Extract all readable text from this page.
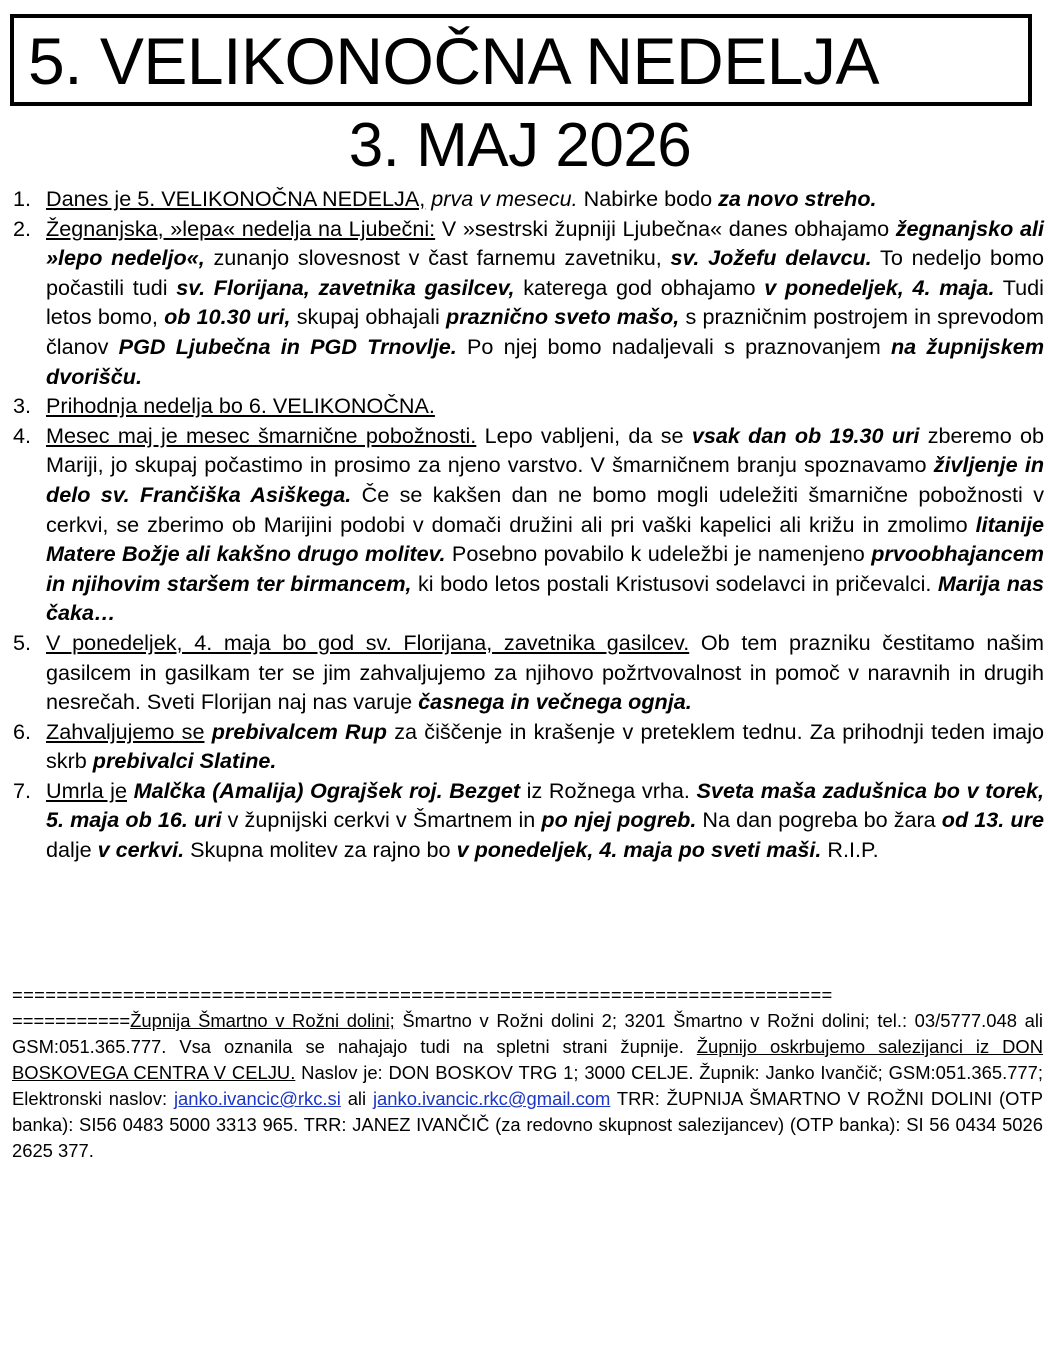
5. VELIKONOČNA NEDELJA
3. MAJ 2026
1. Danes je 5. VELIKONOČNA NEDELJA, prva v mesecu. Nabirke bodo za novo streho.

2. Žegnanjska, »lepa« nedelja na Ljubečni: V »sestrski župniji Ljubečna« danes obhajamo žegnanjsko ali »lepo nedeljo«, zunanjo slovesnost v čast farnemu zavetniku, sv. Jožefu delavcu. To nedeljo bomo počastili tudi sv. Florijana, zavetnika gasilcev, katerega god obhajamo v ponedeljek, 4. maja. Tudi letos bomo, ob 10.30 uri, skupaj obhajali praznično sveto mašo, s prazničnim postrojem in sprevodom članov PGD Ljubečna in PGD Trnovlje. Po njej bomo nadaljevali s praznovanjem na župnijskem dvorišču.

3. Prihodnja nedelja bo 6. VELIKONOČNA.

4. Mesec maj je mesec šmarnične pobožnosti. Lepo vabljeni, da se vsak dan ob 19.30 uri zberemo ob Mariji, jo skupaj počastimo in prosimo za njeno varstvo. V šmarničnem branju spoznavamo življenje in delo sv. Frančiška Asiškega. Če se kakšen dan ne bomo mogli udeležiti šmarnične pobožnosti v cerkvi, se zberimo ob Marijini podobi v domači družini ali pri vaški kapelici ali križu in zmolimo litanije Matere Božje ali kakšno drugo molitev. Posebno povabilo k udeležbi je namenjeno prvoobhajancem in njihovim staršem ter birmancem, ki bodo letos postali Kristusovi sodelavci in pričevalci. Marija nas čaka…

5. V ponedeljek, 4. maja bo god sv. Florijana, zavetnika gasilcev. Ob tem prazniku čestitamo našim gasilcem in gasilkam ter se jim zahvaljujemo za njihovo požrtvovalnost in pomoč v naravnih in drugih nesrečah. Sveti Florijan naj nas varuje časnega in večnega ognja.

6. Zahvaljujemo se prebivalcem Rup za čiščenje in krašenje v preteklem tednu. Za prihodnji teden imajo skrb prebivalci Slatine.

7. Umrla je Malčka (Amalija) Ograjšek roj. Bezget iz Rožnega vrha. Sveta maša zadušnica bo v torek, 5. maja ob 16. uri v župnijski cerkvi v Šmartnem in po njej pogreb. Na dan pogreba bo žara od 13. ure dalje v cerkvi. Skupna molitev za rajno bo v ponedeljek, 4. maja po sveti maši. R.I.P.

==========================================================================

===========Župnija Šmartno v Rožni dolini; Šmartno v Rožni dolini 2; 3201 Šmartno v Rožni dolini; tel.: 03/5777.048 ali GSM:051.365.777. Vsa oznanila se nahajajo tudi na spletni strani župnije. Župnijo oskrbujemo salezijanci iz DON BOSKOVEGA CENTRA V CELJU. Naslov je: DON BOSKOV TRG 1; 3000 CELJE. Župnik: Janko Ivančič; GSM:051.365.777; Elektronski naslov: janko.ivancic@rkc.si ali janko.ivancic.rkc@gmail.com TRR: ŽUPNIJA ŠMARTNO V ROŽNI DOLINI (OTP banka): SI56 0483 5000 3313 965. TRR: JANEZ IVANČIČ (za redovno skupnost salezijancev) (OTP banka): SI 56 0434 5026 2625 377.
